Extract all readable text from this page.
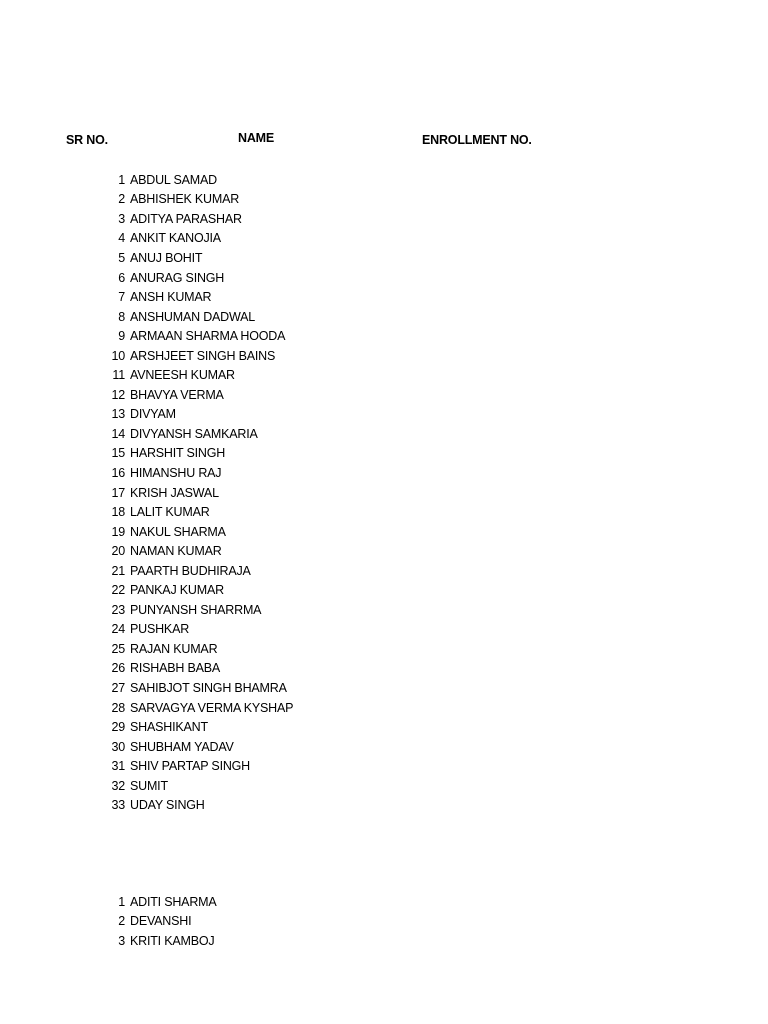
SR NO.	NAME	ENROLLMENT NO.
1 ABDUL SAMAD
2 ABHISHEK KUMAR
3 ADITYA PARASHAR
4 ANKIT KANOJIA
5 ANUJ BOHIT
6 ANURAG SINGH
7 ANSH KUMAR
8 ANSHUMAN DADWAL
9 ARMAAN SHARMA HOODA
10 ARSHJEET SINGH BAINS
11 AVNEESH KUMAR
12 BHAVYA VERMA
13 DIVYAM
14 DIVYANSH SAMKARIA
15 HARSHIT SINGH
16 HIMANSHU RAJ
17 KRISH JASWAL
18 LALIT KUMAR
19 NAKUL SHARMA
20 NAMAN KUMAR
21 PAARTH BUDHIRAJA
22 PANKAJ KUMAR
23 PUNYANSH SHARRMA
24 PUSHKAR
25 RAJAN KUMAR
26 RISHABH BABA
27 SAHIBJOT SINGH BHAMRA
28 SARVAGYA VERMA KYSHAP
29 SHASHIKANT
30 SHUBHAM YADAV
31 SHIV PARTAP SINGH
32 SUMIT
33 UDAY SINGH
1 ADITI SHARMA
2 DEVANSHI
3 KRITI KAMBOJ
